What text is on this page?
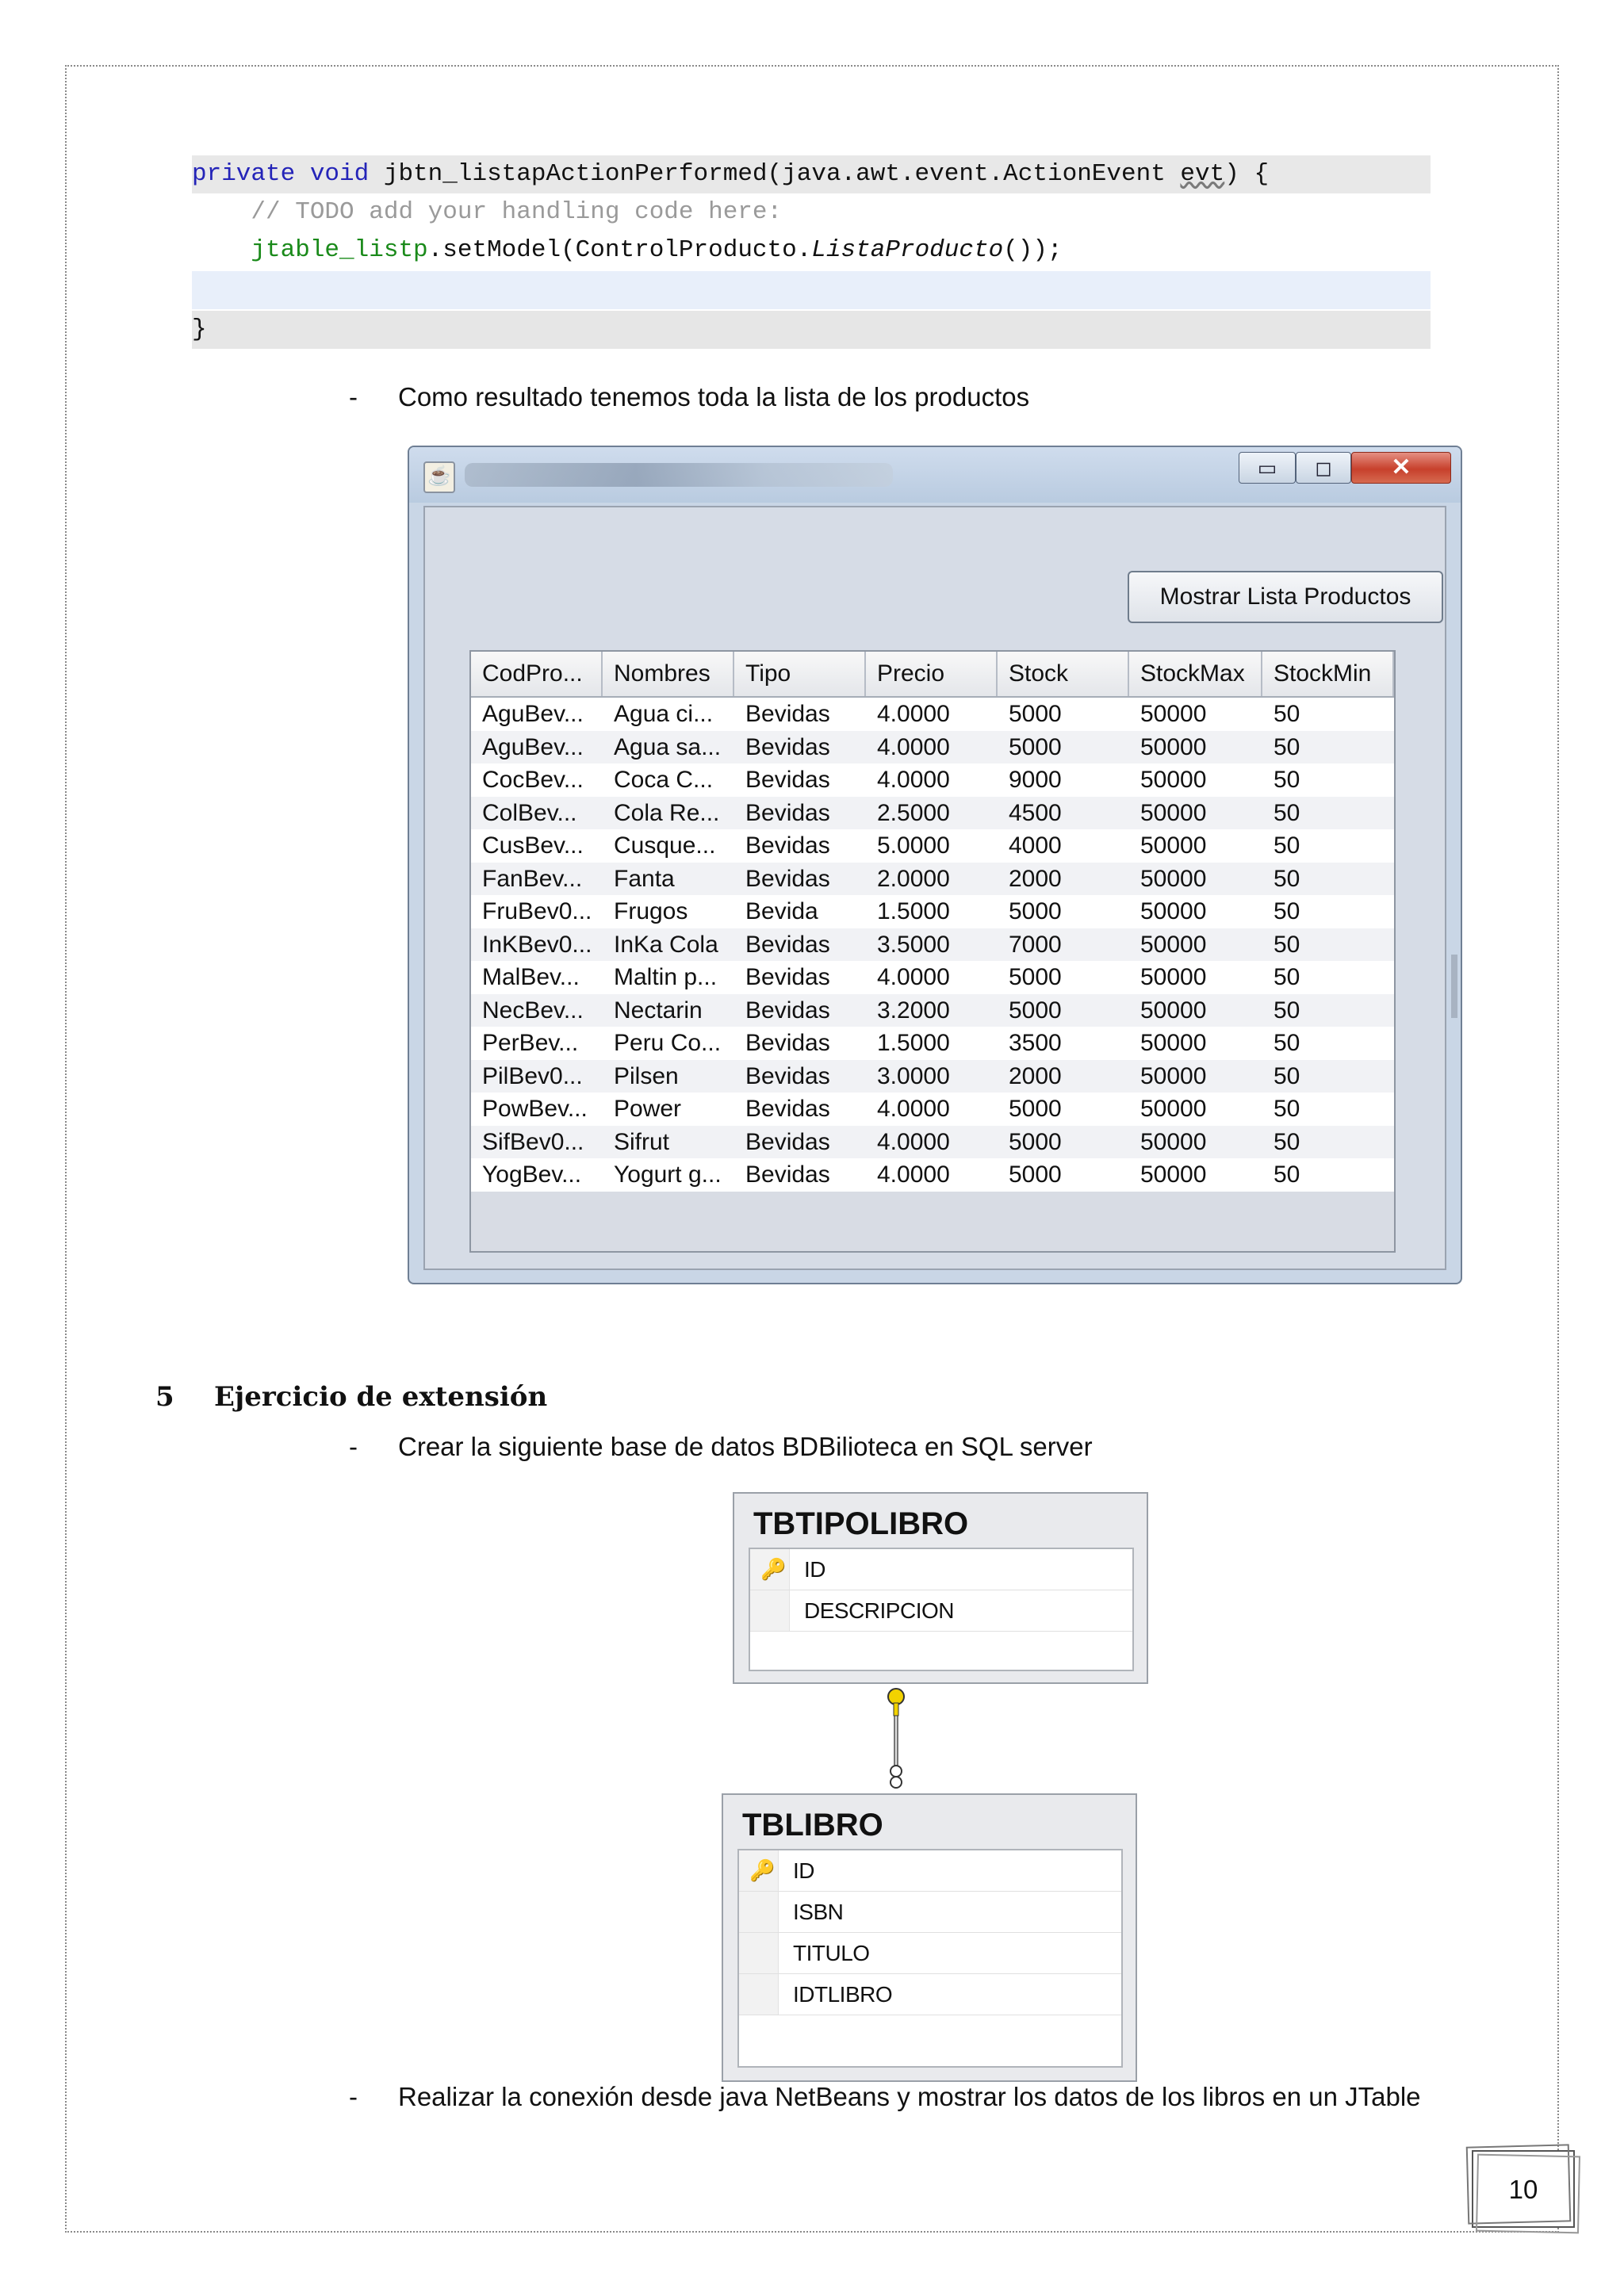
private void jbtn_listapActionPerformed(java.awt.event.ActionEvent evt) {
// TODO add your handling code here:
jtable_listp.setModel(ControlProducto.ListaProducto());
}
- Como resultado tenemos toda la lista de los productos
☕	▭	◻	✕
Mostrar Lista Productos
CodPro...	Nombres	Tipo	Precio	Stock	StockMax	StockMin
AguBev...	Agua ci...	Bevidas	4.0000	5000	50000	50
AguBev...	Agua sa...	Bevidas	4.0000	5000	50000	50
CocBev...	Coca C...	Bevidas	4.0000	9000	50000	50
ColBev...	Cola Re...	Bevidas	2.5000	4500	50000	50
CusBev...	Cusque...	Bevidas	5.0000	4000	50000	50
FanBev...	Fanta	Bevidas	2.0000	2000	50000	50
FruBev0... Frugos	Bevida	1.5000	5000	50000	50
InKBev0... InKa Cola	Bevidas	3.5000	7000	50000	50
MalBev...	Maltin p...	Bevidas	4.0000	5000	50000	50
NecBev...	Nectarin	Bevidas	3.2000	5000	50000	50
PerBev...	Peru Co...	Bevidas	1.5000	3500	50000	50
PilBev0...	Pilsen	Bevidas	3.0000	2000	50000	50
PowBev...	Power	Bevidas	4.0000	5000	50000	50
SifBev0...	Sifrut	Bevidas	4.0000	5000	50000	50
YogBev...	Yogurt g...	Bevidas	4.0000	5000	50000	50
5 Ejercicio de extensión
- Crear la siguiente base de datos BDBilioteca en SQL server
TBTIPOLIBRO
🔑 ID
DESCRIPCION
TBLIBRO
🔑 ID
ISBN
TITULO
IDTLIBRO
- Realizar la conexión desde java NetBeans y mostrar los datos de los libros en un JTable
10
